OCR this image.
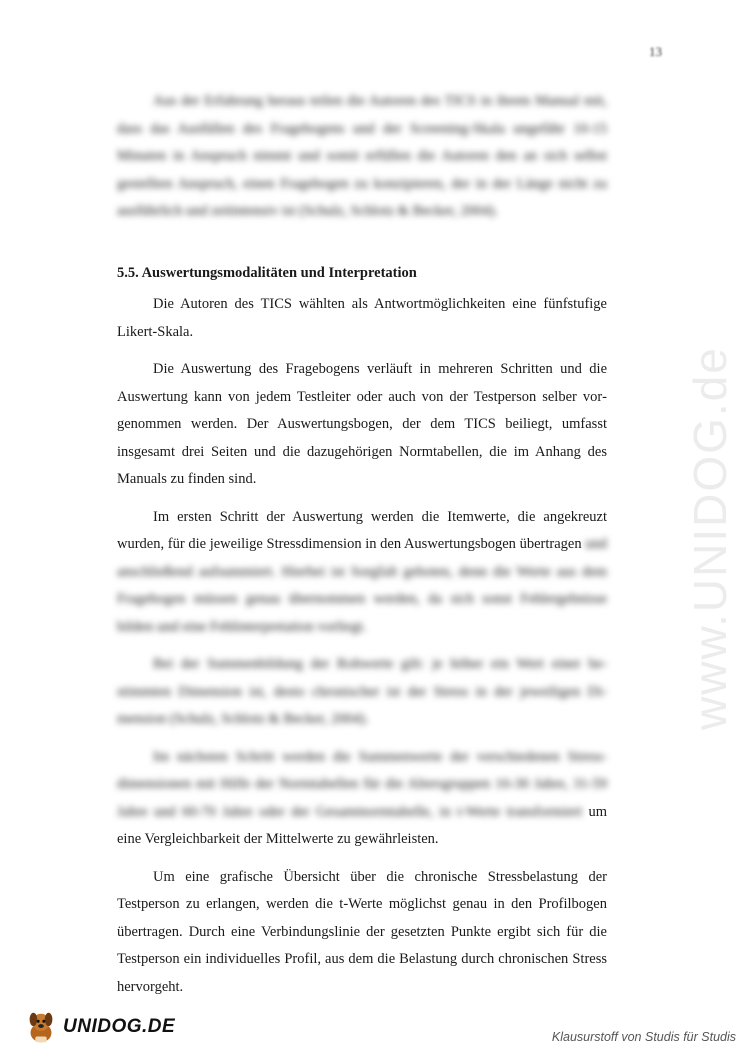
13
www.UNIDOG.de

Aus der Erfahrung heraus teilen die Autoren des TICS in ihrem Manual mit, dass das Ausfüllen des Fragebogens und der Screening-Skala ungefähr 10-15 Minuten in Anspruch nimmt und somit erfüllen die Autoren den an sich selbst gestellten Anspruch, einen Fragebogen zu konzipieren, der in der Länge nicht zu ausführlich und zeitintensiv ist (Schulz, Schlotz & Becker, 2004).

5.5. Auswertungsmodalitäten und Interpretation

Die Autoren des TICS wählten als Antwortmöglichkeiten eine fünfstufige Likert-Skala.

Die Auswertung des Fragebogens verläuft in mehreren Schritten und die Auswertung kann von jedem Testleiter oder auch von der Testperson selber vorgenommen werden. Der Auswertungsbogen, der dem TICS beiliegt, umfasst insgesamt drei Seiten und die dazugehörigen Normtabellen, die im Anhang des Manuals zu finden sind.

Im ersten Schritt der Auswertung werden die Itemwerte, die angekreuzt wurden, für die jeweilige Stressdimension in den Auswertungsbogen übertragen und anschließend aufsummiert. Hierbei ist Sorgfalt geboten, denn die Werte aus dem Fragebogen müssen genau übernommen werden, da sich sonst Fehlergebnisse bilden und eine Fehlinterpretation vorliegt.

Bei der Summenbildung der Rohwerte gilt: je höher ein Wert einer bestimmten Dimension ist, desto chronischer ist der Stress in der jeweiligen Dimension (Schulz, Schlotz & Becker, 2004).

Im nächsten Schritt werden die Summenwerte der verschiedenen Stressdimensionen mit Hilfe der Normtabellen für die Altersgruppen 16-30 Jahre, 31-59 Jahre und 60-70 Jahre oder der Gesamtnormtabelle, in t-Werte transformiert um eine Vergleichbarkeit der Mittelwerte zu gewährleisten.

Um eine grafische Übersicht über die chronische Stressbelastung der Testperson zu erlangen, werden die t-Werte möglichst genau in den Profilbogen übertragen. Durch eine Verbindungslinie der gesetzten Punkte ergibt sich für die Testperson ein individuelles Profil, aus dem die Belastung durch chronischen Stress hervorgeht.

UNIDOG.DE	Klausurstoff von Studis für Studis
